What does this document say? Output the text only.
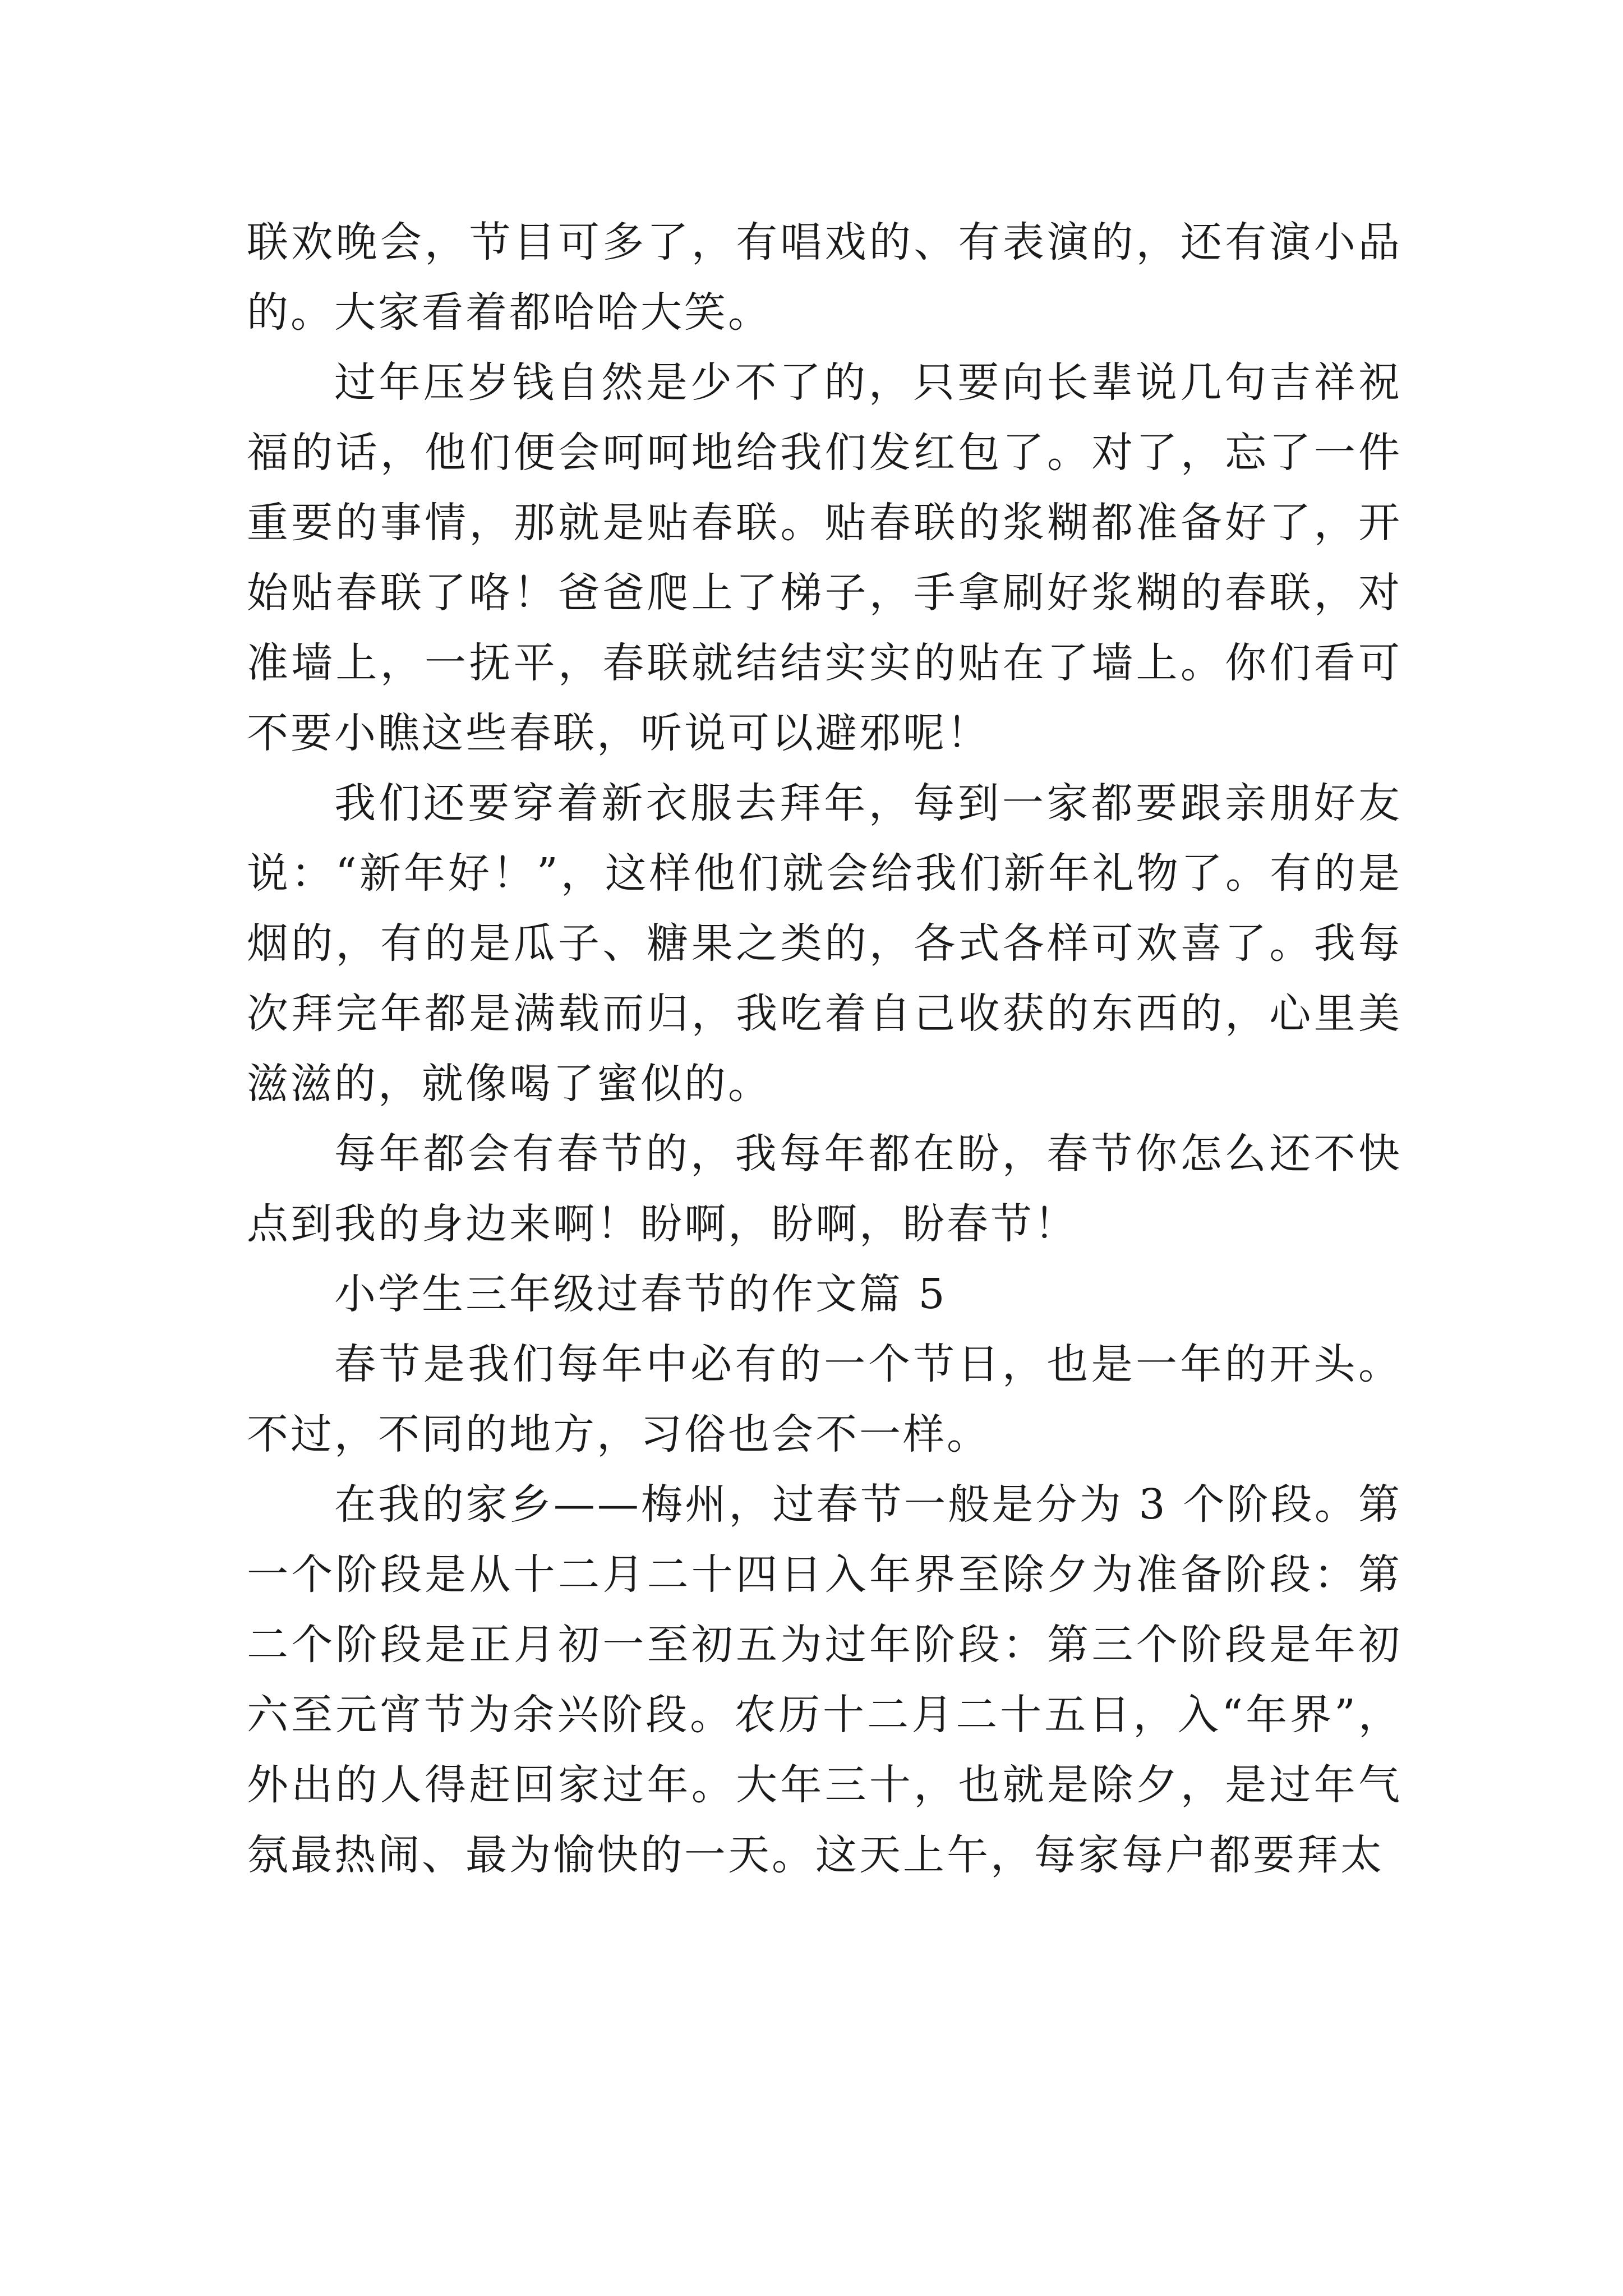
联欢晚会，节目可多了，有唱戏的、有表演的，还有演小品的。大家看着都哈哈大笑。

过年压岁钱自然是少不了的，只要向长辈说几句吉祥祝福的话，他们便会呵呵地给我们发红包了。对了，忘了一件重要的事情，那就是贴春联。贴春联的浆糊都准备好了，开始贴春联了咯！爸爸爬上了梯子，手拿刷好浆糊的春联，对准墙上，一抚平，春联就结结实实的贴在了墙上。你们看可不要小瞧这些春联，听说可以避邪呢！

我们还要穿着新衣服去拜年，每到一家都要跟亲朋好友说：“新年好！”，这样他们就会给我们新年礼物了。有的是烟的，有的是瓜子、糖果之类的，各式各样可欢喜了。我每次拜完年都是满载而归，我吃着自己收获的东西的，心里美滋滋的，就像喝了蜜似的。

每年都会有春节的，我每年都在盼，春节你怎么还不快点到我的身边来啊！盼啊，盼啊，盼春节！

小学生三年级过春节的作文篇 5

春节是我们每年中必有的一个节日，也是一年的开头。不过，不同的地方，习俗也会不一样。

在我的家乡——梅州，过春节一般是分为 3 个阶段。第一个阶段是从十二月二十四日入年界至除夕为准备阶段：第二个阶段是正月初一至初五为过年阶段：第三个阶段是年初六至元宵节为余兴阶段。农历十二月二十五日，入“年界”，外出的人得赶回家过年。大年三十，也就是除夕，是过年气氛最热闹、最为愉快的一天。这天上午，每家每户都要拜太
